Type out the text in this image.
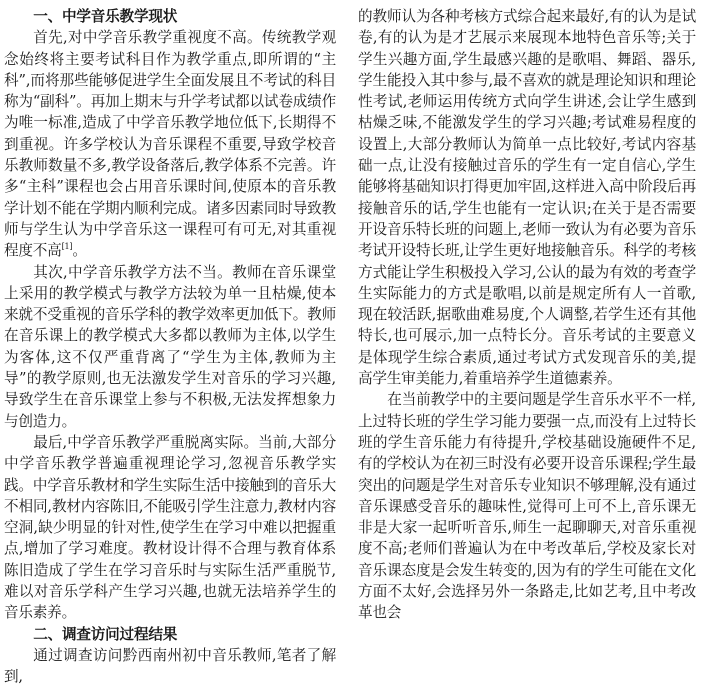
一、中学音乐教学现状

首先,对中学音乐教学重视度不高。传统教学观念始终将主要考试科目作为教学重点,即所谓的“主科”,而将那些能够促进学生全面发展且不考试的科目称为“副科”。再加上期末与升学考试都以试卷成绩作为唯一标准,造成了中学音乐教学地位低下,长期得不到重视。许多学校认为音乐课程不重要,导致学校音乐教师数量不多,教学设备落后,教学体系不完善。许多“主科”课程也会占用音乐课时间,使原本的音乐教学计划不能在学期内顺利完成。诸多因素同时导致教师与学生认为中学音乐这一课程可有可无,对其重视程度不高[1]。

其次,中学音乐教学方法不当。教师在音乐课堂上采用的教学模式与教学方法较为单一且枯燥,使本来就不受重视的音乐学科的教学效率更加低下。教师在音乐课上的教学模式大多都以教师为主体,以学生为客体,这不仅严重背离了“学生为主体,教师为主导”的教学原则,也无法激发学生对音乐的学习兴趣,导致学生在音乐课堂上参与不积极,无法发挥想象力与创造力。

最后,中学音乐教学严重脱离实际。当前,大部分中学音乐教学普遍重视理论学习,忽视音乐教学实践。中学音乐教材和学生实际生活中接触到的音乐大不相同,教材内容陈旧,不能吸引学生注意力,教材内容空洞,缺少明显的针对性,使学生在学习中难以把握重点,增加了学习难度。教材设计得不合理与教育体系陈旧造成了学生在学习音乐时与实际生活严重脱节,难以对音乐学科产生学习兴趣,也就无法培养学生的音乐素养。

二、调查访问过程结果

通过调查访问黔西南州初中音乐教师,笔者了解到,

的教师认为各种考核方式综合起来最好,有的认为是试卷,有的认为是才艺展示来展现本地特色音乐等;关于学生兴趣方面,学生最感兴趣的是歌唱、舞蹈、器乐,学生能投入其中参与,最不喜欢的就是理论知识和理论性考试,老师运用传统方式向学生讲述,会让学生感到枯燥乏味,不能激发学生的学习兴趣;考试难易程度的设置上,大部分教师认为简单一点比较好,考试内容基础一点,让没有接触过音乐的学生有一定自信心,学生能够将基础知识打得更加牢固,这样进入高中阶段后再接触音乐的话,学生也能有一定认识;在关于是否需要开设音乐特长班的问题上,老师一致认为有必要为音乐考试开设特长班,让学生更好地接触音乐。科学的考核方式能让学生积极投入学习,公认的最为有效的考查学生实际能力的方式是歌唱,以前是规定所有人一首歌,现在较活跃,据歌曲难易度,个人调整,若学生还有其他特长,也可展示,加一点特长分。音乐考试的主要意义是体现学生综合素质,通过考试方式发现音乐的美,提高学生审美能力,着重培养学生道德素养。

在当前教学中的主要问题是学生音乐水平不一样,上过特长班的学生学习能力要强一点,而没有上过特长班的学生音乐能力有待提升,学校基础设施硬件不足,有的学校认为在初三时没有必要开设音乐课程;学生最突出的问题是学生对音乐专业知识不够理解,没有通过音乐课感受音乐的趣味性,觉得可上可不上,音乐课无非是大家一起听听音乐,师生一起聊聊天,对音乐重视度不高;老师们普遍认为在中考改革后,学校及家长对音乐课态度是会发生转变的,因为有的学生可能在文化方面不太好,会选择另外一条路走,比如艺考,且中考改革也会
